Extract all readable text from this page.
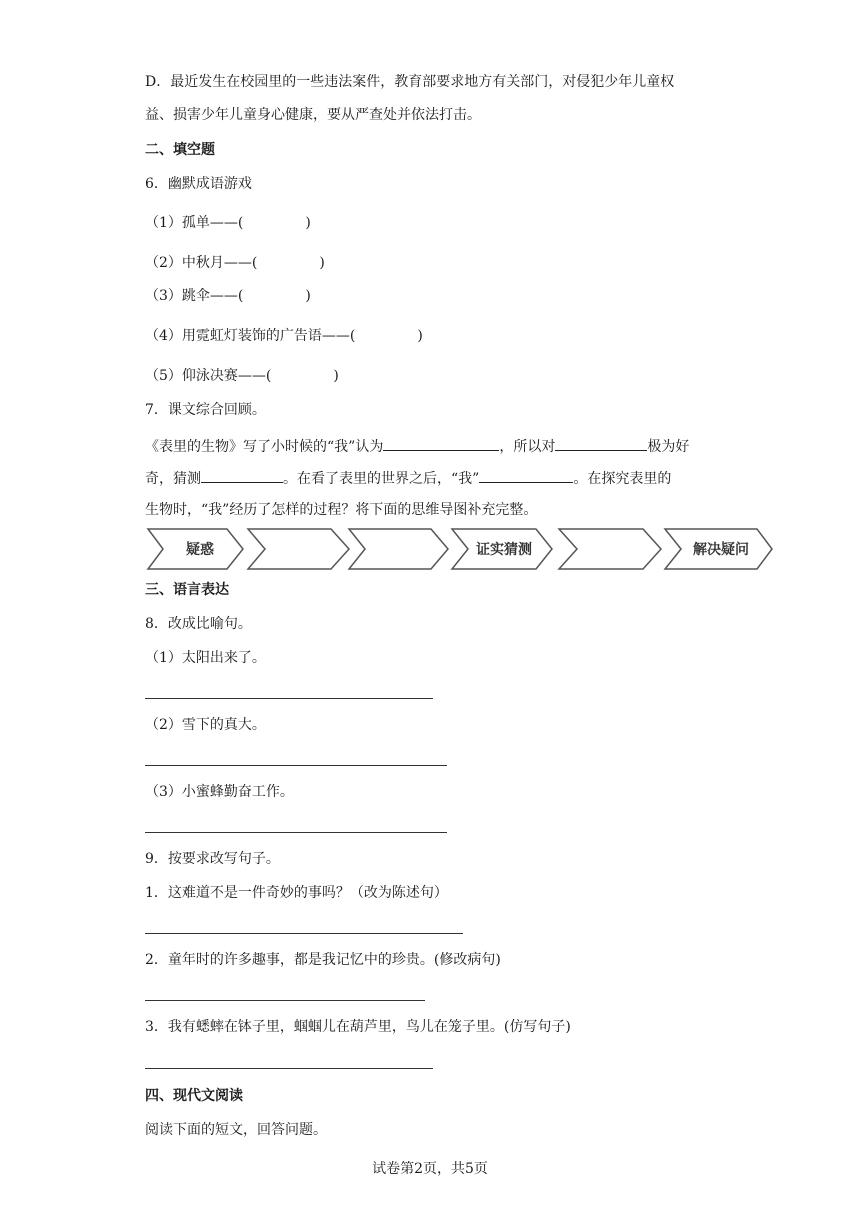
D．最近发生在校园里的一些违法案件，教育部要求地方有关部门，对侵犯少年儿童权
益、损害少年儿童身心健康，要从严查处并依法打击。
二、填空题
6．幽默成语游戏
（1）孤单——(	)
（2）中秋月——(	)
（3）跳伞——(	)
（4）用霓虹灯装饰的广告语——(	)
（5）仰泳决赛——(	)
7．课文综合回顾。
《表里的生物》写了小时候的“我”认为	，所以对	极为好
奇，猜测	。在看了表里的世界之后，“我”	。在探究表里的
生物时，“我”经历了怎样的过程？将下面的思维导图补充完整。
疑惑	证实猜测	解决疑问
三、语言表达
8．改成比喻句。
（1）太阳出来了。
（2）雪下的真大。
（3）小蜜蜂勤奋工作。
9．按要求改写句子。
1．这难道不是一件奇妙的事吗？（改为陈述句）
2．童年时的许多趣事，都是我记忆中的珍贵。(修改病句)
3．我有蟋蟀在钵子里，蝈蝈儿在葫芦里，鸟儿在笼子里。(仿写句子)
四、现代文阅读
阅读下面的短文，回答问题。
试卷第2页，共5页
